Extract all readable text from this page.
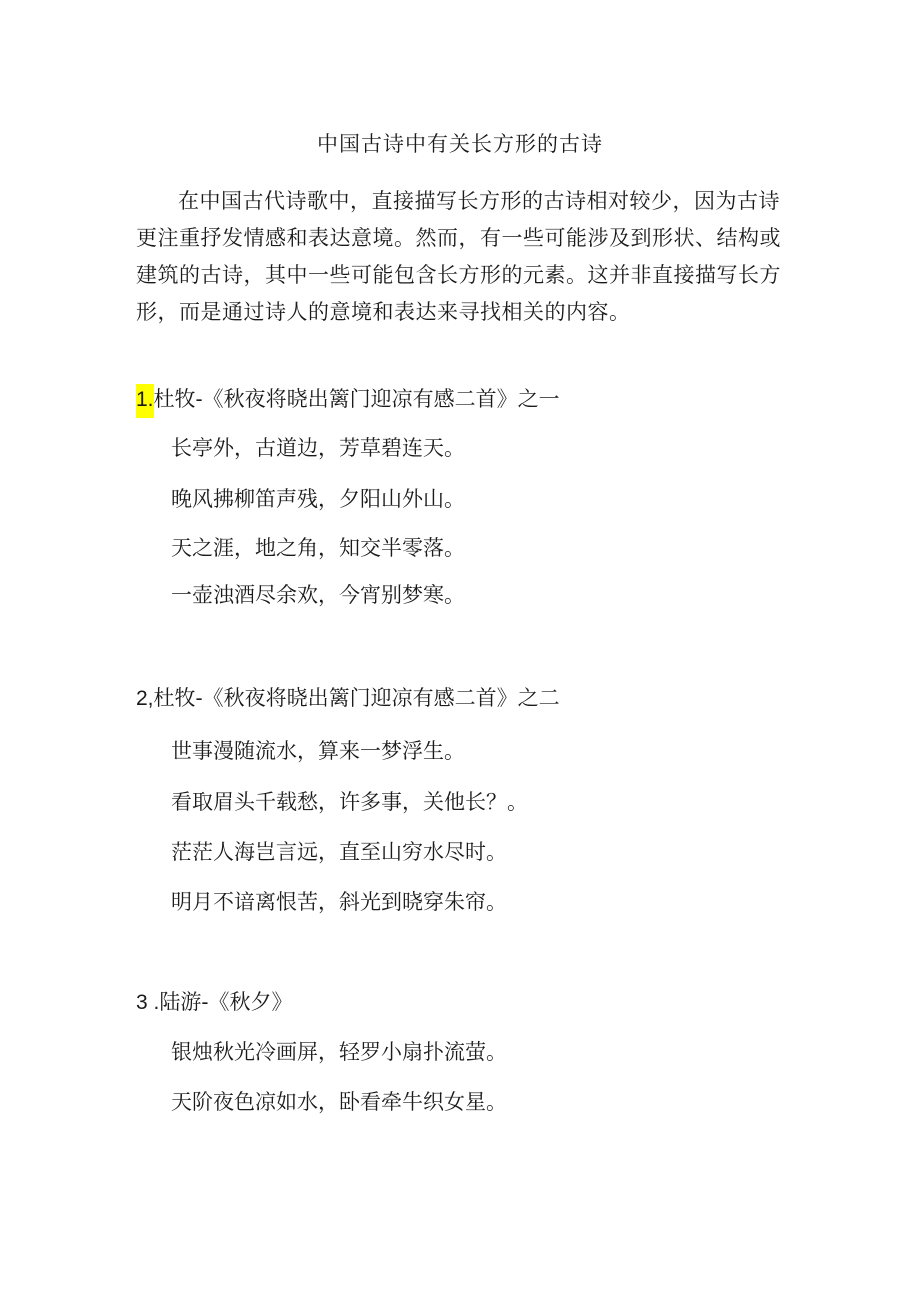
中国古诗中有关长方形的古诗
在中国古代诗歌中，直接描写长方形的古诗相对较少，因为古诗更注重抒发情感和表达意境。然而，有一些可能涉及到形状、结构或建筑的古诗，其中一些可能包含长方形的元素。这并非直接描写长方形，而是通过诗人的意境和表达来寻找相关的内容。
1.杜牧-《秋夜将晓出篱门迎凉有感二首》之一
长亭外，古道边，芳草碧连天。
晚风拂柳笛声残，夕阳山外山。
天之涯，地之角，知交半零落。
一壶浊酒尽余欢，今宵别梦寒。
2,杜牧-《秋夜将晓出篱门迎凉有感二首》之二
世事漫随流水，算来一梦浮生。
看取眉头千载愁，许多事，关他长？。
茫茫人海岂言远，直至山穷水尽时。
明月不谙离恨苦，斜光到晓穿朱帘。
3 .陆游-《秋夕》
银烛秋光冷画屏，轻罗小扇扑流萤。
天阶夜色凉如水，卧看牵牛织女星。
